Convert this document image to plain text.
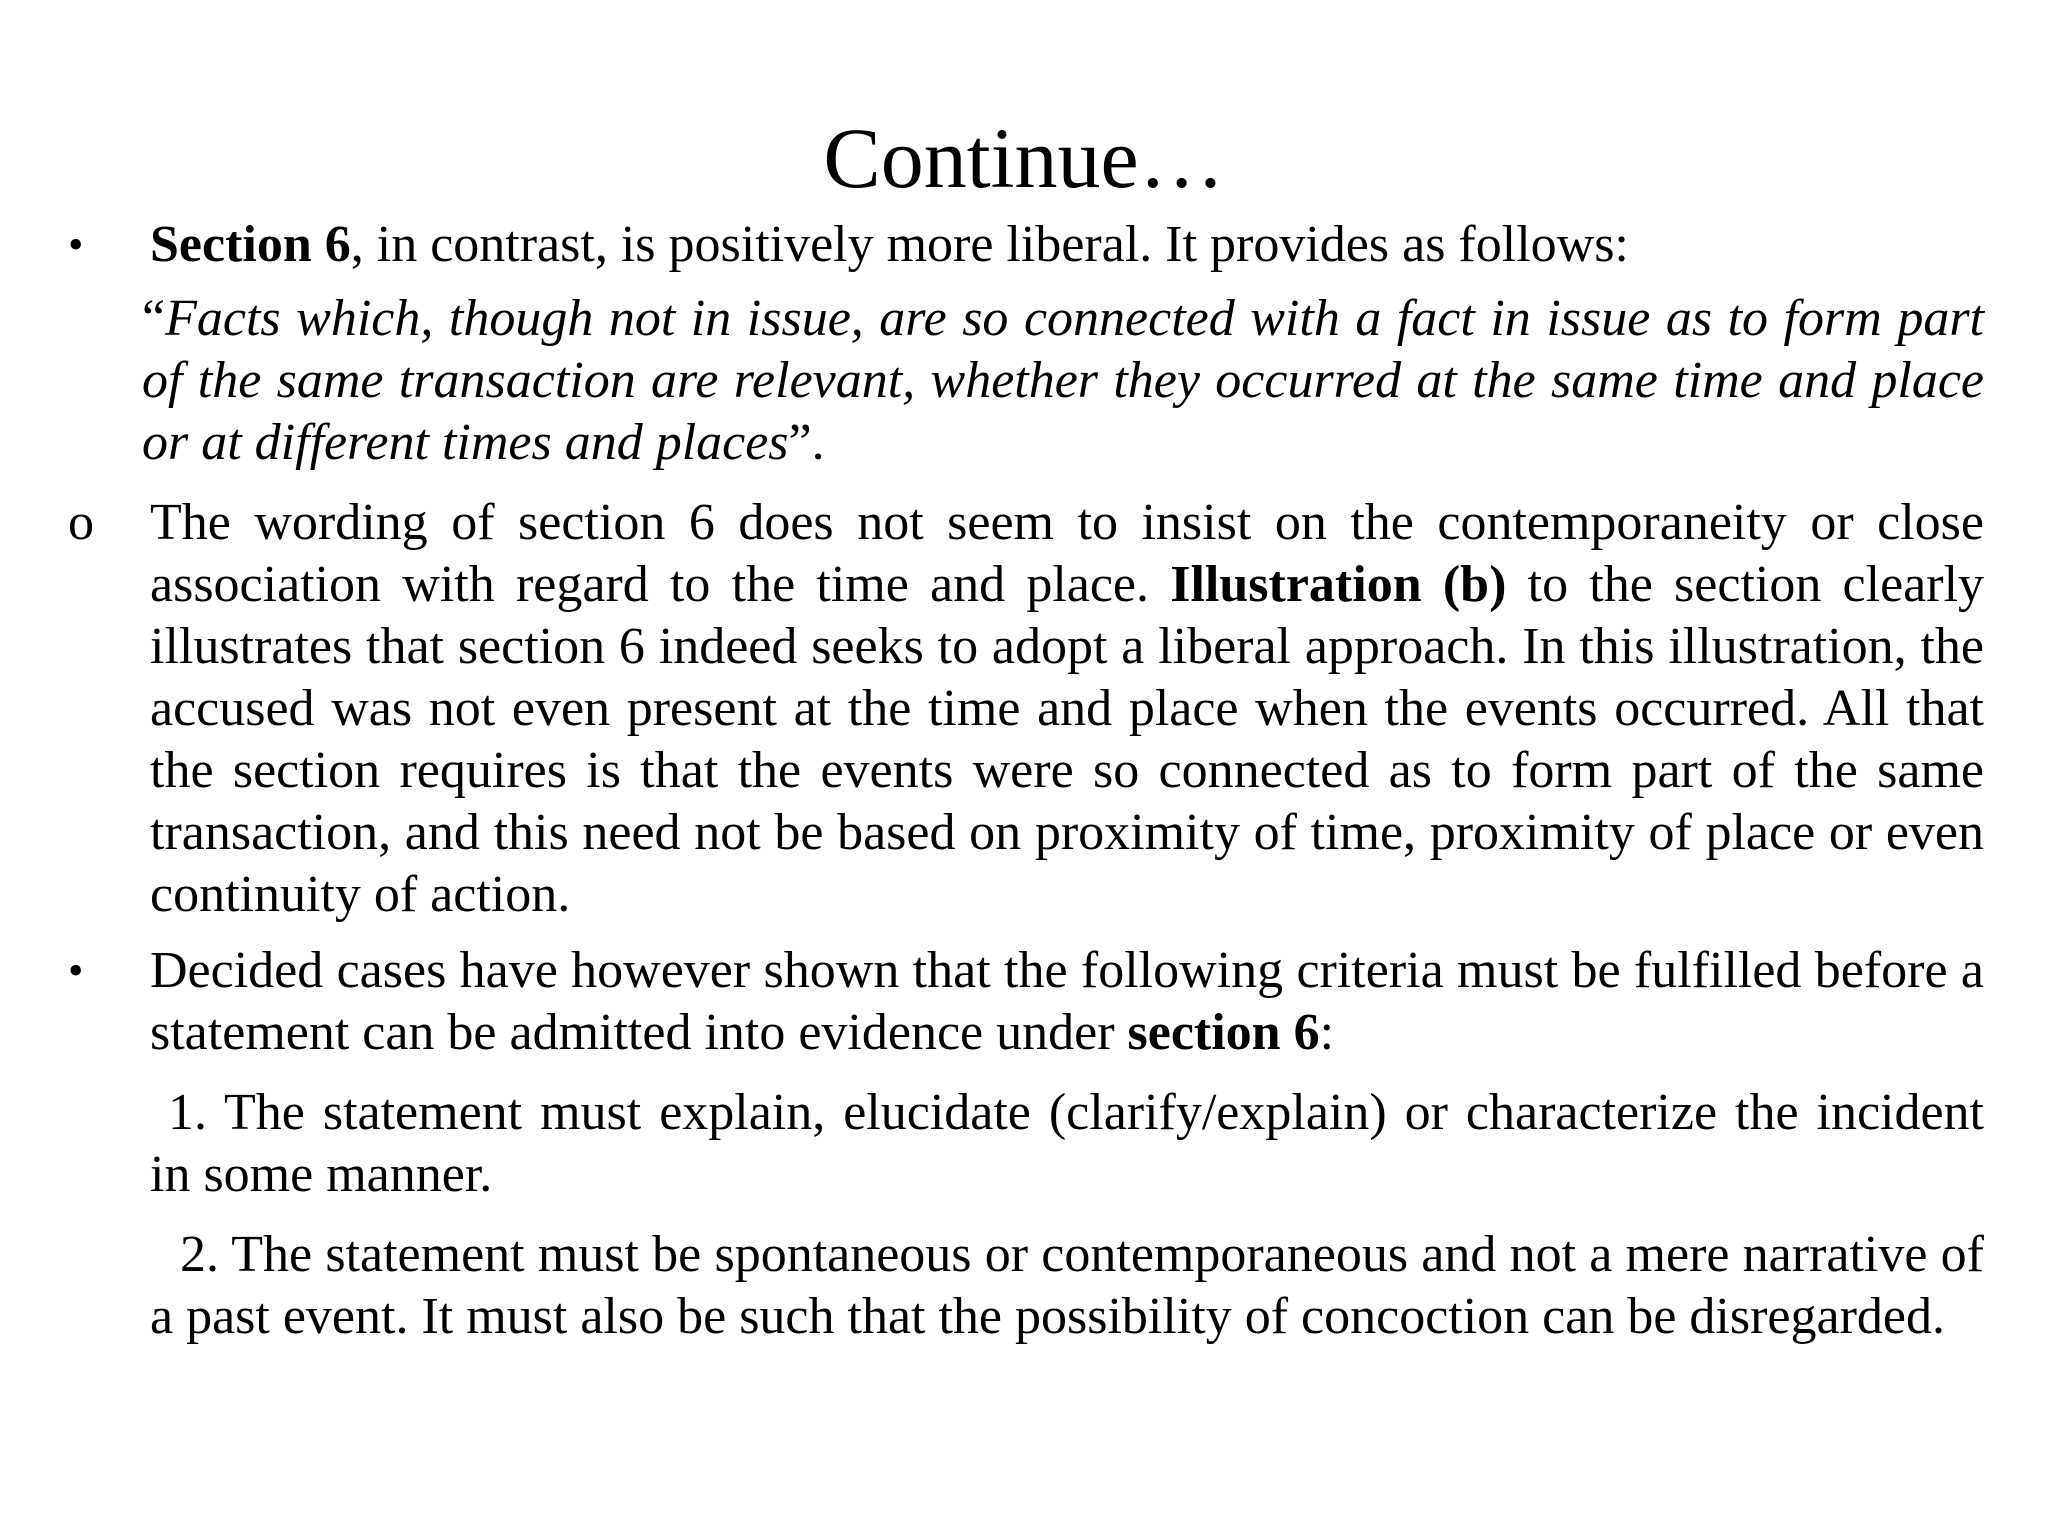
Continue…
•	Section 6, in contrast, is positively more liberal. It provides as follows:
“Facts which, though not in issue, are so connected with a fact in issue as to form part of the same transaction are relevant, whether they occurred at the same time and place or at different times and places”.
o	The wording of section 6 does not seem to insist on the contemporaneity or close association with regard to the time and place. Illustration (b) to the section clearly illustrates that section 6 indeed seeks to adopt a liberal approach. In this illustration, the accused was not even present at the time and place when the events occurred. All that the section requires is that the events were so connected as to form part of the same transaction, and this need not be based on proximity of time, proximity of place or even continuity of action.
•	Decided cases have however shown that the following criteria must be fulfilled before a statement can be admitted into evidence under section 6:
1. The statement must explain, elucidate (clarify/explain) or characterize the incident in some manner.
2. The statement must be spontaneous or contemporaneous and not a mere narrative of a past event. It must also be such that the possibility of concoction can be disregarded.
